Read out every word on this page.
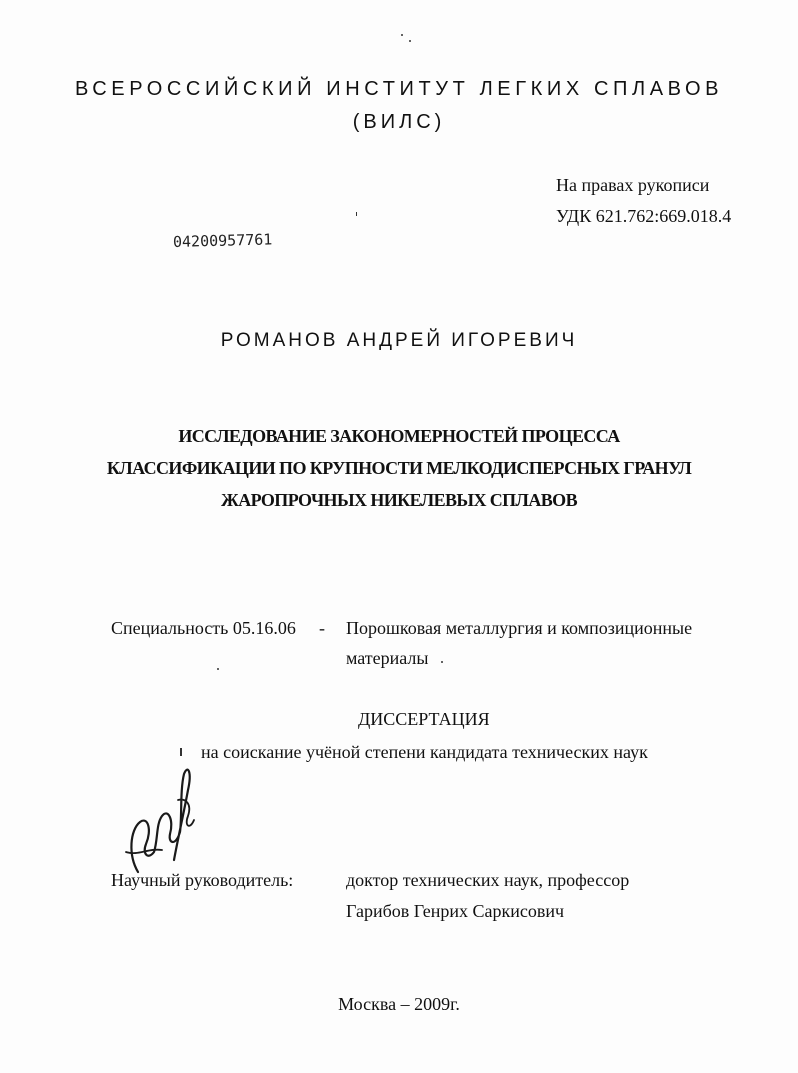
ВСЕРОССИЙСКИЙ ИНСТИТУТ ЛЕГКИХ СПЛАВОВ
(ВИЛС)
На правах рукописи
УДК 621.762:669.018.4
04200957761
РОМАНОВ АНДРЕЙ ИГОРЕВИЧ
ИССЛЕДОВАНИЕ ЗАКОНОМЕРНОСТЕЙ ПРОЦЕССА
КЛАССИФИКАЦИИ ПО КРУПНОСТИ МЕЛКОДИСПЕРСНЫХ ГРАНУЛ
ЖАРОПРОЧНЫХ НИКЕЛЕВЫХ СПЛАВОВ
Специальность 05.16.06 - Порошковая металлургия и композиционные
материалы
ДИССЕРТАЦИЯ
на соискание учёной степени кандидата технических наук
Научный руководитель:	доктор технических наук, профессор
Гарибов Генрих Саркисович
Москва – 2009г.
